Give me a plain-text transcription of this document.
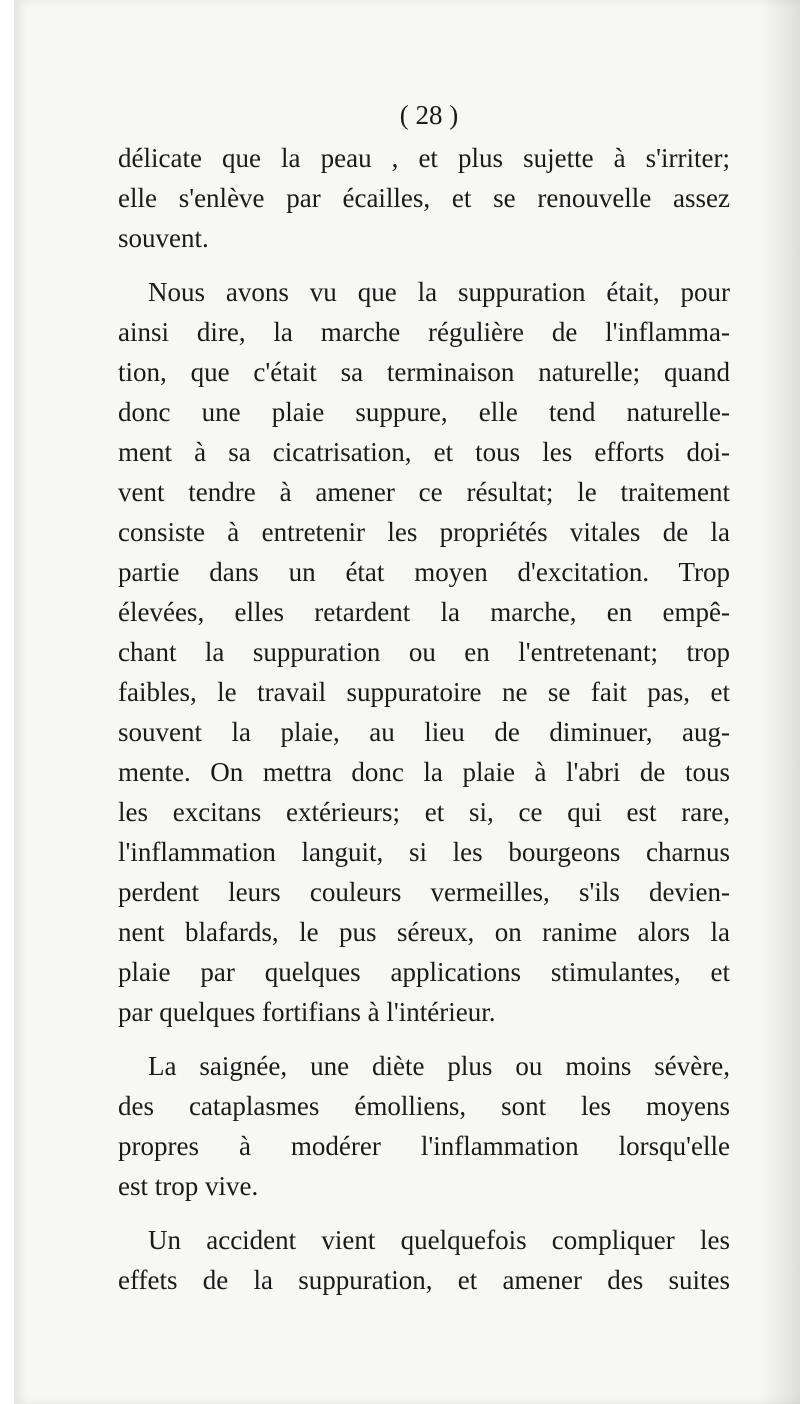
( 28 )
délicate que la peau , et plus sujette à s'irriter;
elle s'enlève par écailles, et se renouvelle assez
souvent.
Nous avons vu que la suppuration était, pour
ainsi dire, la marche régulière de l'inflamma-
tion, que c'était sa terminaison naturelle; quand
donc une plaie suppure, elle tend naturelle-
ment à sa cicatrisation, et tous les efforts doi-
vent tendre à amener ce résultat; le traitement
consiste à entretenir les propriétés vitales de la
partie dans un état moyen d'excitation. Trop
élevées, elles retardent la marche, en empê-
chant la suppuration ou en l'entretenant; trop
faibles, le travail suppuratoire ne se fait pas, et
souvent la plaie, au lieu de diminuer, aug-
mente. On mettra donc la plaie à l'abri de tous
les excitans extérieurs; et si, ce qui est rare,
l'inflammation languit, si les bourgeons charnus
perdent leurs couleurs vermeilles, s'ils devien-
nent blafards, le pus séreux, on ranime alors la
plaie par quelques applications stimulantes, et
par quelques fortifians à l'intérieur.
La saignée, une diète plus ou moins sévère,
des cataplasmes émolliens, sont les moyens
propres à modérer l'inflammation lorsqu'elle
est trop vive.
Un accident vient quelquefois compliquer les
effets de la suppuration, et amener des suites
